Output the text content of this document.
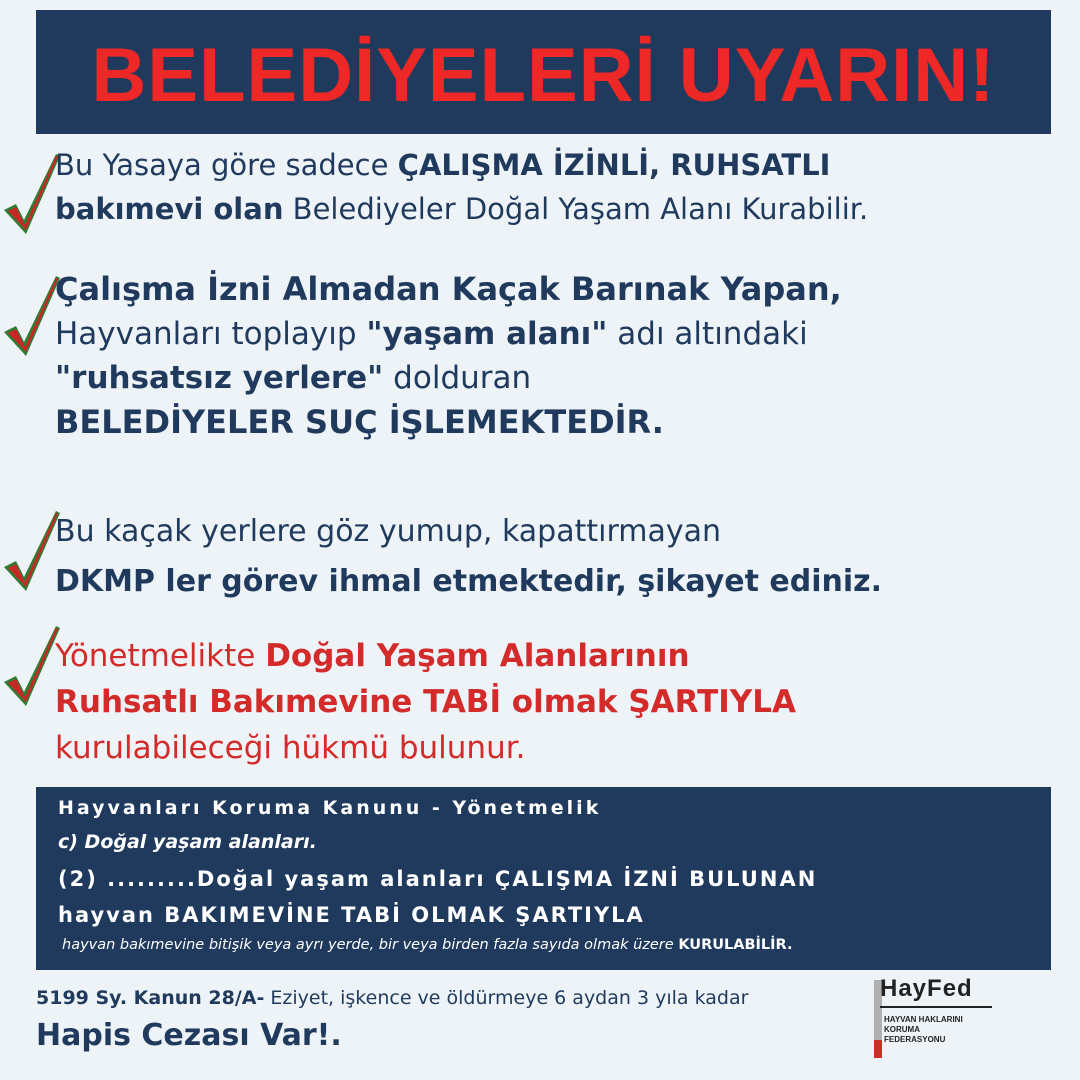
BELEDİYELERİ UYARIN!
Bu Yasaya göre sadece ÇALIŞMA İZİNLİ, RUHSATLI
bakımevi olan Belediyeler Doğal Yaşam Alanı Kurabilir.
Çalışma İzni Almadan Kaçak Barınak Yapan,
Hayvanları toplayıp "yaşam alanı" adı altındaki
"ruhsatsız yerlere" dolduran
BELEDİYELER SUÇ İŞLEMEKTEDİR.
Bu kaçak yerlere göz yumup, kapattırmayan
DKMP ler görev ihmal etmektedir, şikayet ediniz.
Yönetmelikte Doğal Yaşam Alanlarının
Ruhsatlı Bakımevine TABİ olmak ŞARTIYLA
kurulabileceği hükmü bulunur.
Hayvanları Koruma Kanunu - Yönetmelik
c) Doğal yaşam alanları.
(2) .........Doğal yaşam alanları ÇALIŞMA İZNİ BULUNAN
hayvan BAKIMEVİNE TABİ OLMAK ŞARTIYLA
hayvan bakımevine bitişik veya ayrı yerde, bir veya birden fazla sayıda olmak üzere KURULABİLİR.
5199 Sy. Kanun 28/A- Eziyet, işkence ve öldürmeye 6 aydan 3 yıla kadar
Hapis Cezası Var!.
HayFed
HAYVAN HAKLARINI
KORUMA
FEDERASYONU
